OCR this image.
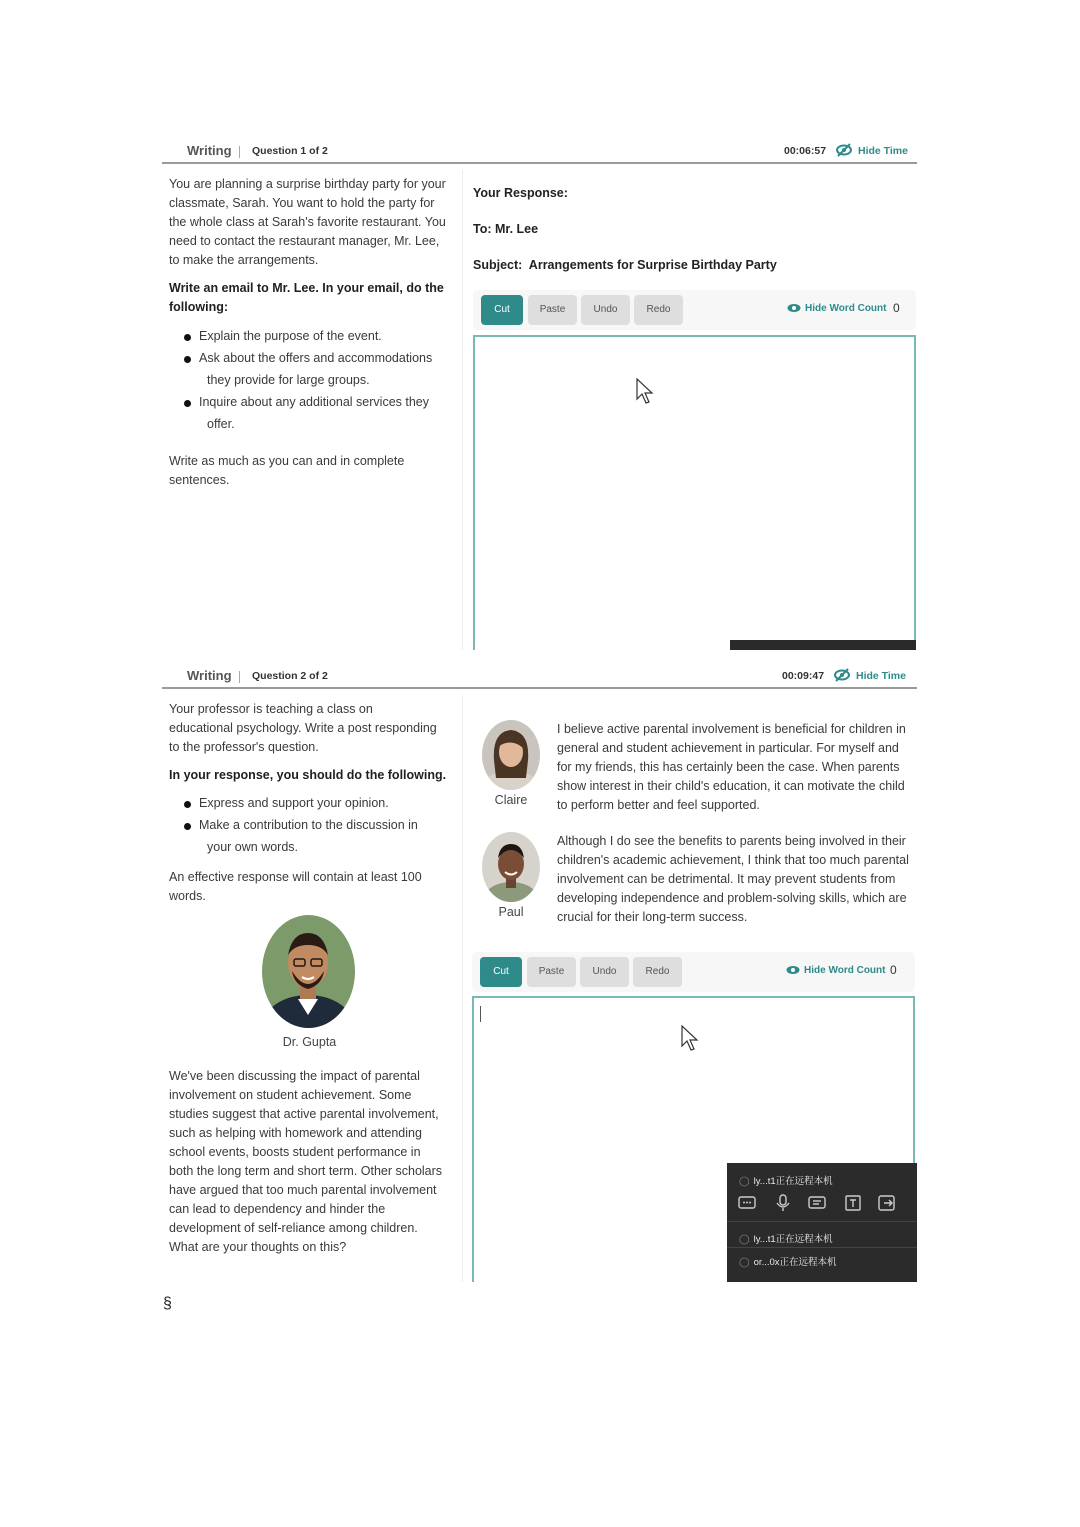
Writing Question 1 of 2	00:06:57	Hide Time

You are planning a surprise birthday party for your classmate, Sarah. You want to hold the party for the whole class at Sarah's favorite restaurant. You need to contact the restaurant manager, Mr. Lee, to make the arrangements.

Write an email to Mr. Lee. In your email, do the following:

Explain the purpose of the event.
Ask about the offers and accommodations
they provide for large groups.
Inquire about any additional services they
offer.

Write as much as you can and in complete sentences.

Your Response:
To: Mr. Lee
Subject: Arrangements for Surprise Birthday Party
Cut	Paste	Undo	Redo	Hide Word Count 0
Writing Question 2 of 2	00:09:47	Hide Time

Your professor is teaching a class on educational psychology. Write a post responding to the professor's question.

In your response, you should do the following.

Express and support your opinion.
Make a contribution to the discussion in
your own words.

An effective response will contain at least 100 words.

Dr. Gupta

We've been discussing the impact of parental involvement on student achievement. Some studies suggest that active parental involvement, such as helping with homework and attending school events, boosts student performance in both the long term and short term. Other scholars have argued that too much parental involvement can lead to dependency and hinder the development of self-reliance among children. What are your thoughts on this?

Claire
I believe active parental involvement is beneficial for children in general and student achievement in particular. For myself and for my friends, this has certainly been the case. When parents show interest in their child's education, it can motivate the child to perform better and feel supported.
Paul
Although I do see the benefits to parents being involved in their children's academic achievement, I think that too much parental involvement can be detrimental. It may prevent students from developing independence and problem-solving skills, which are crucial for their long-term success.
Cut	Paste	Undo	Redo	Hide Word Count 0
◯ ly...t1正在远程本机
◯ ly...t1正在远程本机
◯ or...0x正在远程本机
§
